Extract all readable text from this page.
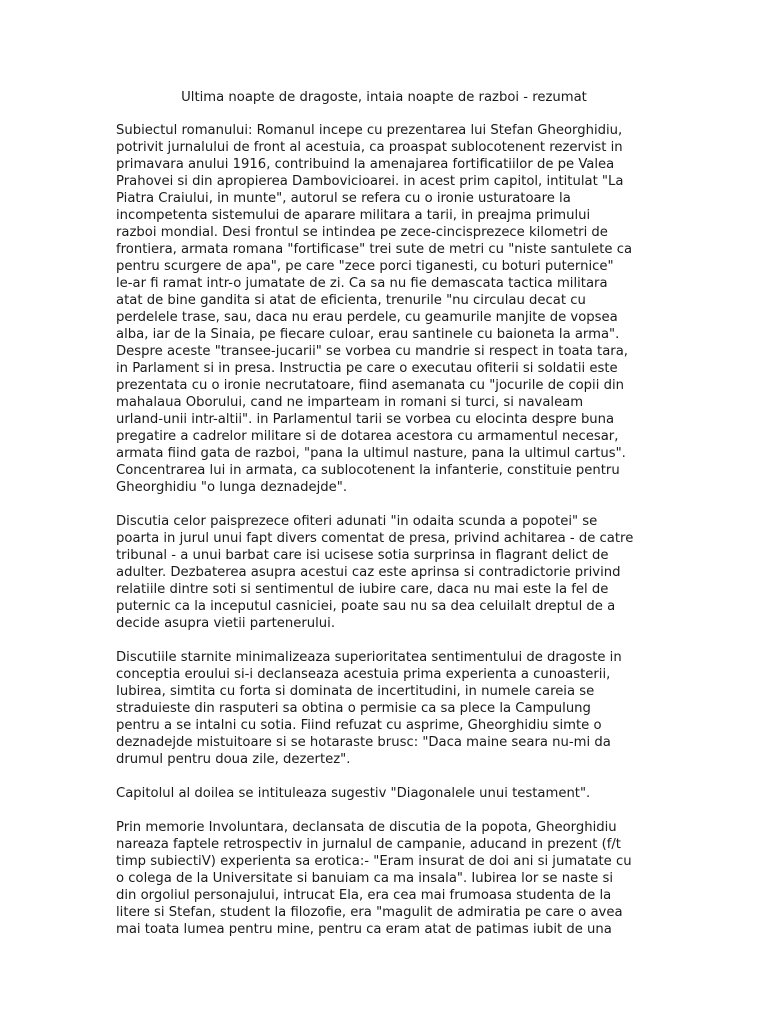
Ultima noapte de dragoste, intaia noapte de razboi - rezumat
Subiectul romanului: Romanul incepe cu prezentarea lui Stefan Gheorghidiu,
potrivit jurnalului de front al acestuia, ca proaspat sublocotenent rezervist in
primavara anului 1916, contribuind la amenajarea fortificatiilor de pe Valea
Prahovei si din apropierea Dambovicioarei. in acest prim capitol, intitulat "La
Piatra Craiului, in munte", autorul se refera cu o ironie usturatoare la
incompetenta sistemului de aparare militara a tarii, in preajma primului
razboi mondial. Desi frontul se intindea pe zece-cincisprezece kilometri de
frontiera, armata romana "fortificase" trei sute de metri cu "niste santulete ca
pentru scurgere de apa", pe care "zece porci tiganesti, cu boturi puternice"
le-ar fi ramat intr-o jumatate de zi. Ca sa nu fie demascata tactica militara
atat de bine gandita si atat de eficienta, trenurile "nu circulau decat cu
perdelele trase, sau, daca nu erau perdele, cu geamurile manjite de vopsea
alba, iar de la Sinaia, pe fiecare culoar, erau santinele cu baioneta la arma".
Despre aceste "transee-jucarii" se vorbea cu mandrie si respect in toata tara,
in Parlament si in presa. Instructia pe care o executau ofiterii si soldatii este
prezentata cu o ironie necrutatoare, fiind asemanata cu "jocurile de copii din
mahalaua Oborului, cand ne imparteam in romani si turci, si navaleam
urland-unii intr-altii". in Parlamentul tarii se vorbea cu elocinta despre buna
pregatire a cadrelor militare si de dotarea acestora cu armamentul necesar,
armata fiind gata de razboi, "pana la ultimul nasture, pana la ultimul cartus".
Concentrarea lui in armata, ca sublocotenent la infanterie, constituie pentru
Gheorghidiu "o lunga deznadejde".
Discutia celor paisprezece ofiteri adunati "in odaita scunda a popotei" se
poarta in jurul unui fapt divers comentat de presa, privind achitarea - de catre
tribunal - a unui barbat care isi ucisese sotia surprinsa in flagrant delict de
adulter. Dezbaterea asupra acestui caz este aprinsa si contradictorie privind
relatiile dintre soti si sentimentul de iubire care, daca nu mai este la fel de
puternic ca la inceputul casniciei, poate sau nu sa dea celuilalt dreptul de a
decide asupra vietii partenerului.
Discutiile starnite minimalizeaza superioritatea sentimentului de dragoste in
conceptia eroului si-i declanseaza acestuia prima experienta a cunoasterii,
Iubirea, simtita cu forta si dominata de incertitudini, in numele careia se
straduieste din rasputeri sa obtina o permisie ca sa plece la Campulung
pentru a se intalni cu sotia. Fiind refuzat cu asprime, Gheorghidiu simte o
deznadejde mistuitoare si se hotaraste brusc: "Daca maine seara nu-mi da
drumul pentru doua zile, dezertez".
Capitolul al doilea se intituleaza sugestiv "Diagonalele unui testament".
Prin memorie Involuntara, declansata de discutia de la popota, Gheorghidiu
nareaza faptele retrospectiv in jurnalul de campanie, aducand in prezent (f/t
timp subiectiV) experienta sa erotica:- "Eram insurat de doi ani si jumatate cu
o colega de la Universitate si banuiam ca ma insala". Iubirea lor se naste si
din orgoliul personajului, intrucat Ela, era cea mai frumoasa studenta de la
litere si Stefan, student la filozofie, era "magulit de admiratia pe care o avea
mai toata lumea pentru mine, pentru ca eram atat de patimas iubit de una
